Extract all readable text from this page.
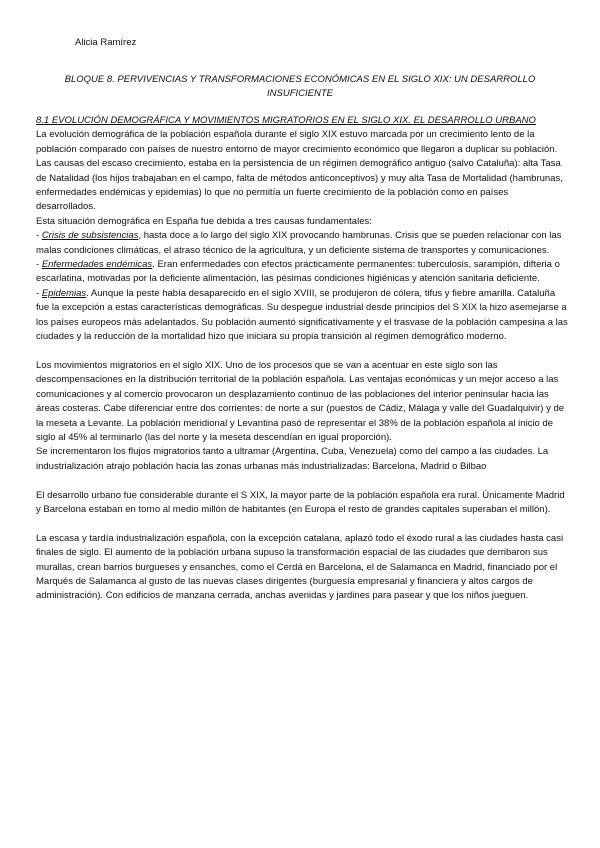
Alicia Ramírez
BLOQUE 8. PERVIVENCIAS Y TRANSFORMACIONES ECONÓMICAS EN EL SIGLO XIX: UN DESARROLLO INSUFICIENTE

8.1 EVOLUCIÓN DEMOGRÁFICA Y MOVIMIENTOS MIGRATORIOS EN EL SIGLO XIX. EL DESARROLLO URBANO

La evolución demográfica de la población española durante el siglo XIX estuvo marcada por un crecimiento lento de la población comparado con países de nuestro entorno de mayor crecimiento económico que llegaron a duplicar su población.

Las causas del escaso crecimiento, estaba en la persistencia de un régimen demográfico antiguo (salvo Cataluña): alta Tasa de Natalidad (los hijos trabajaban en el campo, falta de métodos anticonceptivos) y muy alta Tasa de Mortalidad (hambrunas, enfermedades endémicas y epidemias) lo que no permitía un fuerte crecimiento de la población como en países desarrollados.

Esta situación demográfica en España fue debida a tres causas fundamentales:

- Crisis de subsistencias, hasta doce a lo largo del siglo XIX provocando hambrunas. Crisis que se pueden relacionar con las malas condiciones climáticas, el atraso técnico de la agricultura, y un deficiente sistema de transportes y comunicaciones.

- Enfermedades endémicas. Eran enfermedades con efectos prácticamente permanentes: tuberculosis, sarampión, difteria o escarlatina, motivadas por la deficiente alimentación, las pésimas condiciones higiénicas y atención sanitaria deficiente.

- Epidemias. Aunque la peste había desaparecido en el siglo XVIII, se produjeron de cólera, tifus y fiebre amarilla. Cataluña fue la excepción a estas características demográficas. Su despegue industrial desde principios del S XIX la hizo asemejarse a los países europeos más adelantados. Su población aumentó significativamente y el trasvase de la población campesina a las ciudades y la reducción de la mortalidad hizo que iniciara su propia transición al régimen demográfico moderno.

Los movimientos migratorios en el siglo XIX. Uno de los procesos que se van a acentuar en este siglo son las descompensaciones en la distribución territorial de la población española. Las ventajas económicas y un mejor acceso a las comunicaciones y al comercio provocaron un desplazamiento continuo de las poblaciones del interior peninsular hacia las áreas costeras. Cabe diferenciar entre dos corrientes: de norte a sur (puestos de Cádiz, Málaga y valle del Guadalquivir) y de la meseta a Levante. La población meridional y Levantina pasó de representar el 38% de la población española al inicio de siglo al 45% al terminarlo (las del norte y la meseta descendían en igual proporción).

Se incrementaron los flujos migratorios tanto a ultramar (Argentina, Cuba, Venezuela) como del campo a las ciudades. La industrialización atrajo población hacia las zonas urbanas más industrializadas: Barcelona, Madrid o Bilbao

El desarrollo urbano fue considerable durante el S XIX, la mayor parte de la población española era rural. Únicamente Madrid y Barcelona estaban en torno al medio millón de habitantes (en Europa el resto de grandes capitales superaban el millón).

La escasa y tardía industrialización española, con la excepción catalana, aplazó todo el éxodo rural a las ciudades hasta casi finales de siglo. El aumento de la población urbana supuso la transformación espacial de las ciudades que derribaron sus murallas, crean barrios burgueses y ensanches, como el Cerdá en Barcelona, el de Salamanca en Madrid, financiado por el Marqués de Salamanca al gusto de las nuevas clases dirigentes (burguesía empresarial y financiera y altos cargos de administración). Con edificios de manzana cerrada, anchas avenidas y jardines para pasear y que los niños jueguen.
